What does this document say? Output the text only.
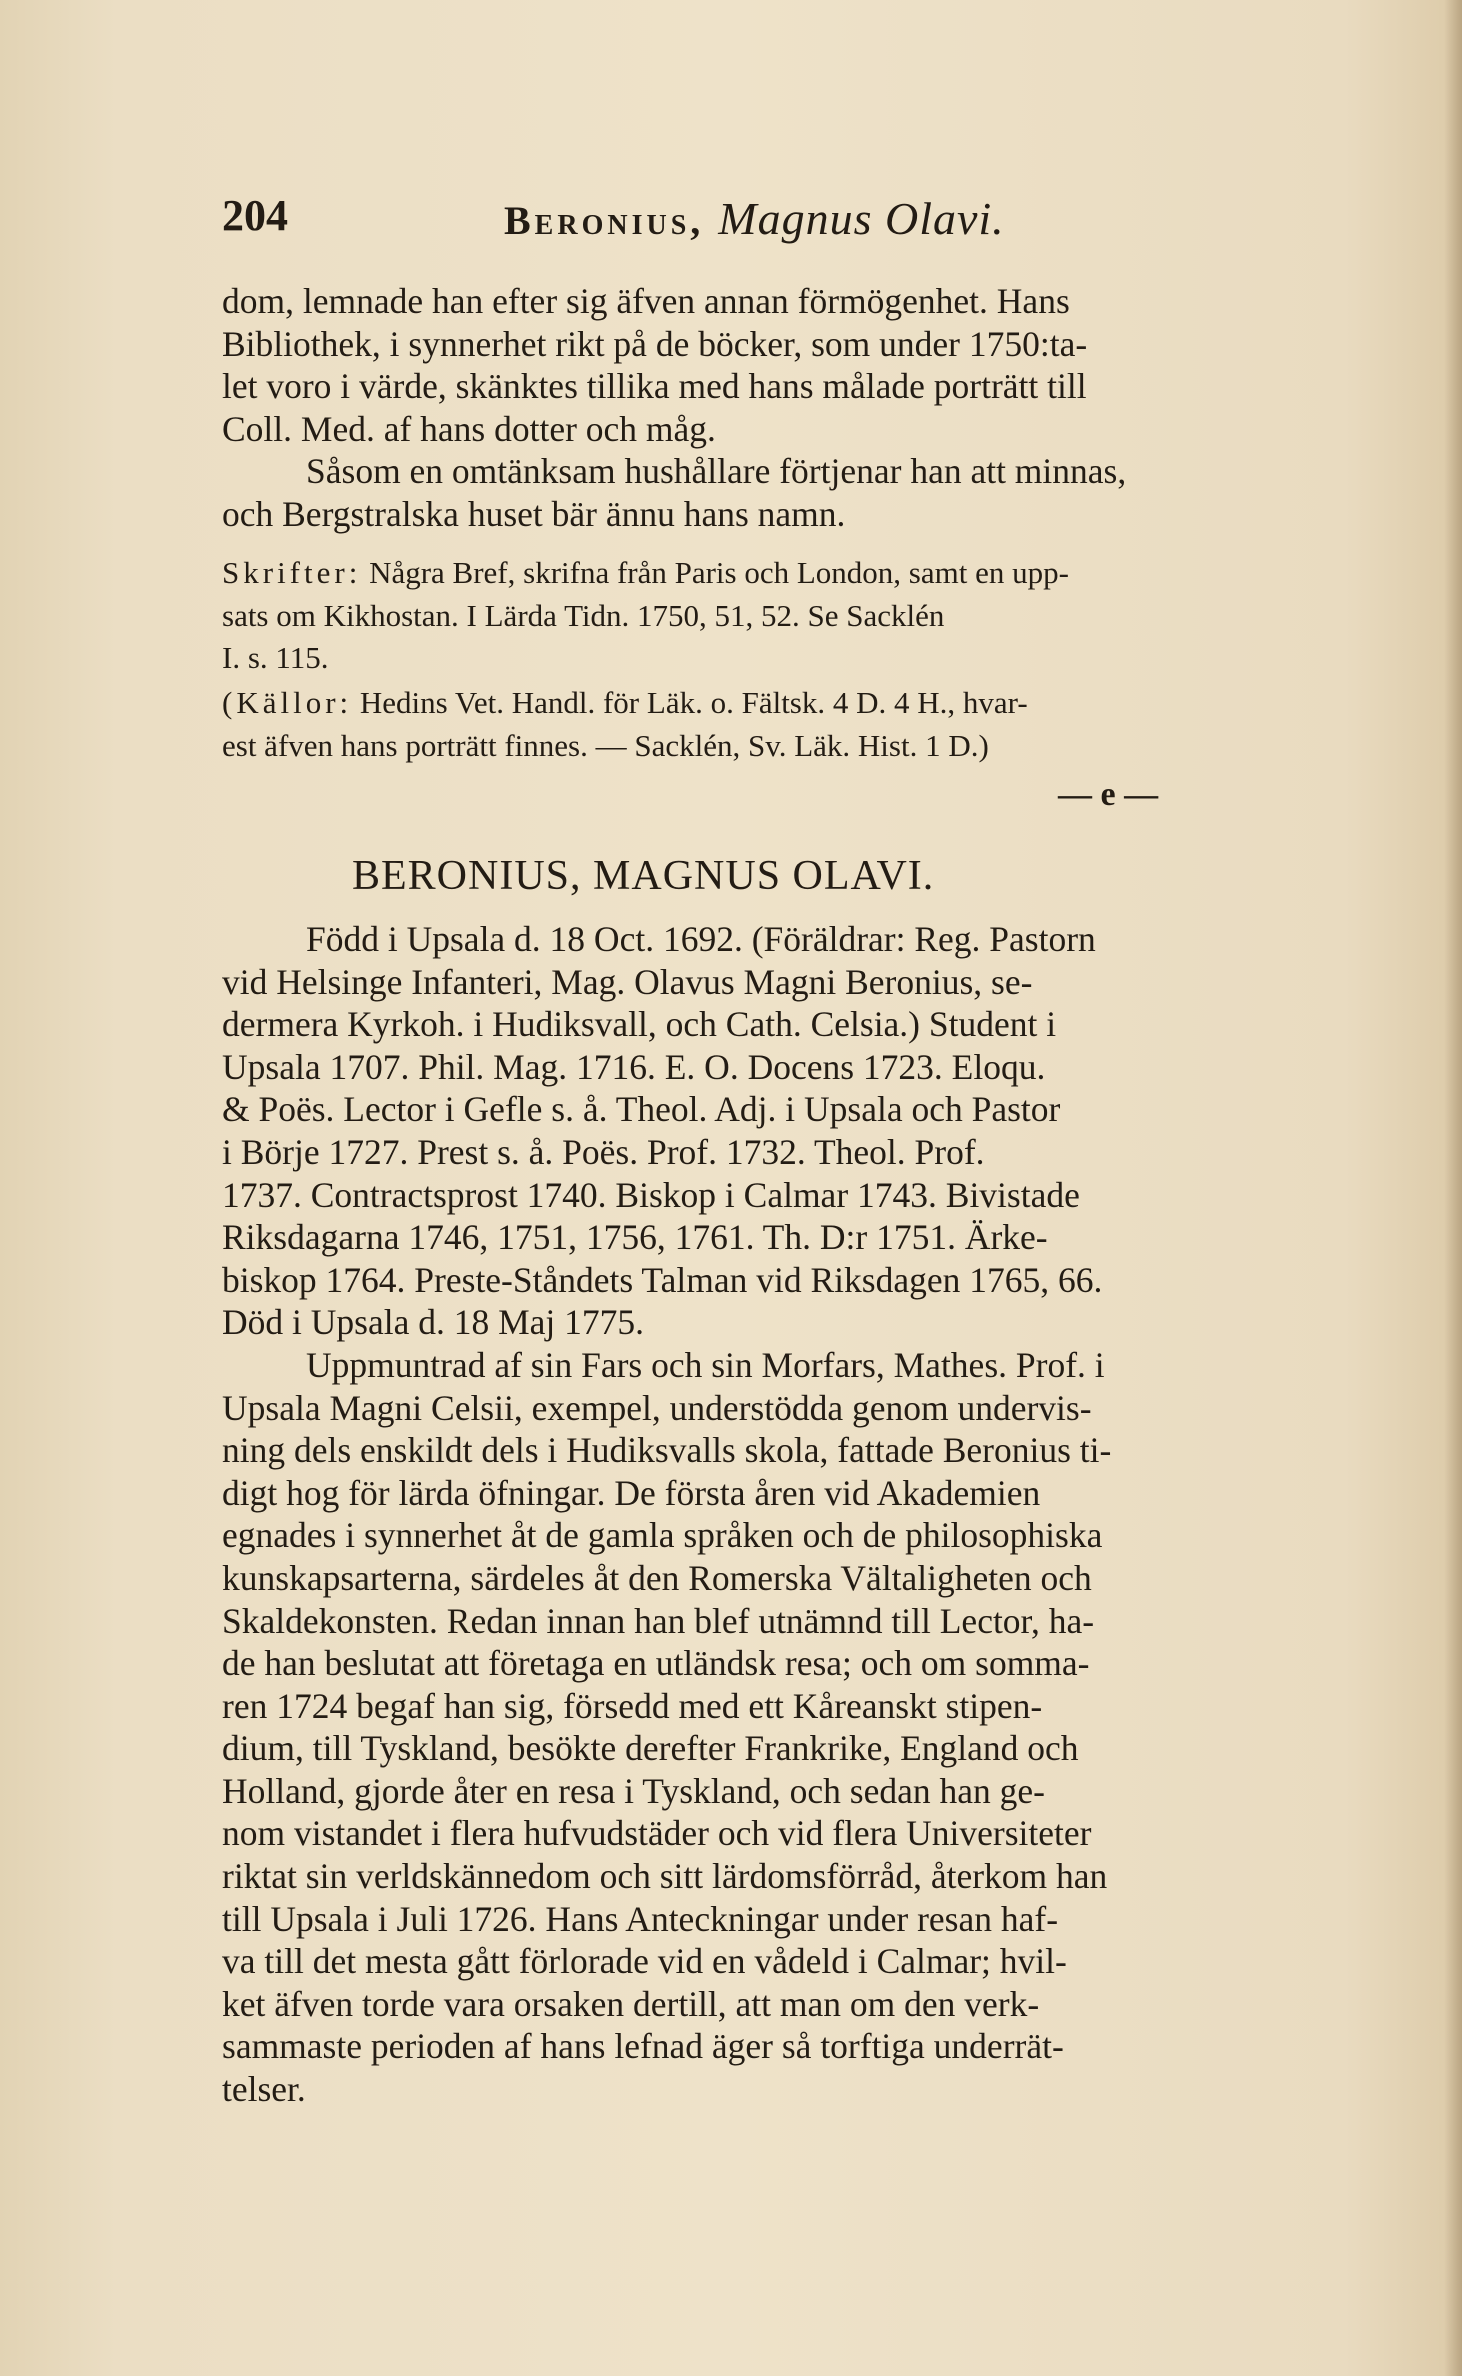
204	Beronius, Magnus Olavi.

dom, lemnade han efter sig äfven annan förmögenhet. Hans

Bibliothek, i synnerhet rikt på de böcker, som under 1750:ta-

let voro i värde, skänktes tillika med hans målade porträtt till

Coll. Med. af hans dotter och måg.

Såsom en omtänksam hushållare förtjenar han att minnas,

och Bergstralska huset bär ännu hans namn.

Skrifter: Några Bref, skrifna från Paris och London, samt en upp-

sats om Kikhostan. I Lärda Tidn. 1750, 51, 52. Se Sacklén

I. s. 115.

(Källor: Hedins Vet. Handl. för Läk. o. Fältsk. 4 D. 4 H., hvar-

est äfven hans porträtt finnes. — Sacklén, Sv. Läk. Hist. 1 D.)

— e —
BERONIUS, MAGNUS OLAVI.

Född i Upsala d. 18 Oct. 1692. (Föräldrar: Reg. Pastorn

vid Helsinge Infanteri, Mag. Olavus Magni Beronius, se-

dermera Kyrkoh. i Hudiksvall, och Cath. Celsia.) Student i

Upsala 1707. Phil. Mag. 1716. E. O. Docens 1723. Eloqu.

& Poës. Lector i Gefle s. å. Theol. Adj. i Upsala och Pastor

i Börje 1727. Prest s. å. Poës. Prof. 1732. Theol. Prof.

1737. Contractsprost 1740. Biskop i Calmar 1743. Bivistade

Riksdagarna 1746, 1751, 1756, 1761. Th. D:r 1751. Ärke-

biskop 1764. Preste-Ståndets Talman vid Riksdagen 1765, 66.

Död i Upsala d. 18 Maj 1775.

Uppmuntrad af sin Fars och sin Morfars, Mathes. Prof. i

Upsala Magni Celsii, exempel, understödda genom undervis-

ning dels enskildt dels i Hudiksvalls skola, fattade Beronius ti-

digt hog för lärda öfningar. De första åren vid Akademien

egnades i synnerhet åt de gamla språken och de philosophiska

kunskapsarterna, särdeles åt den Romerska Vältaligheten och

Skaldekonsten. Redan innan han blef utnämnd till Lector, ha-

de han beslutat att företaga en utländsk resa; och om somma-

ren 1724 begaf han sig, försedd med ett Kåreanskt stipen-

dium, till Tyskland, besökte derefter Frankrike, England och

Holland, gjorde åter en resa i Tyskland, och sedan han ge-

nom vistandet i flera hufvudstäder och vid flera Universiteter

riktat sin verldskännedom och sitt lärdomsförråd, återkom han

till Upsala i Juli 1726. Hans Anteckningar under resan haf-

va till det mesta gått förlorade vid en vådeld i Calmar; hvil-

ket äfven torde vara orsaken dertill, att man om den verk-

sammaste perioden af hans lefnad äger så torftiga underrät-

telser.
